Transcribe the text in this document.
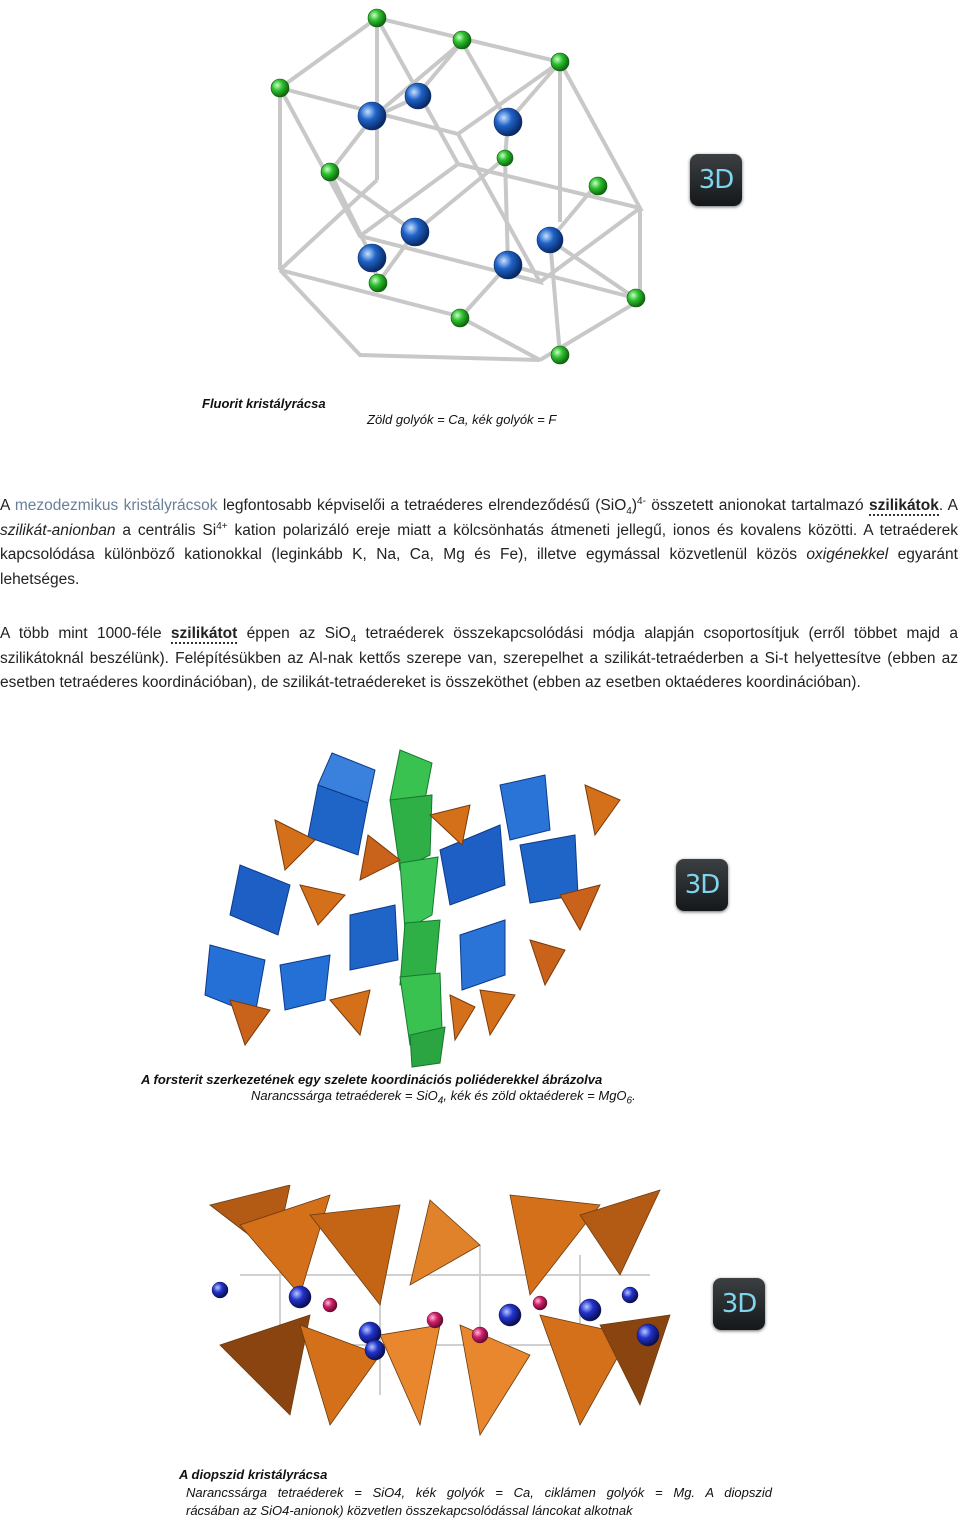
3D
Fluorit kristályrácsa
Zöld golyók = Ca, kék golyók = F
A mezodezmikus kristályrácsok legfontosabb képviselői a tetraéderes elrendeződésű $(SiO_4)^{4-}$ összetett anionokat tartalmazó szilikátok. A szilikát-anionban a centrális $Si^{4+}$ kation polarizáló ereje miatt a kölcsönhatás átmeneti jellegű, ionos és kovalens közötti. A tetraéderek kapcsolódása különböző kationokkal (leginkább K, Na, Ca, Mg és Fe), illetve egymással közvetlenül közös oxigénekkel egyaránt lehetséges.
A több mint 1000-féle szilikátot éppen az SiO$_4$ tetraéderek összekapcsolódási módja alapján csoportosítjuk (erről többet majd a szilikátoknál beszélünk). Felépítésükben az Al-nak kettős szerepe van, szerepelhet a szilikát-tetraéderben a Si-t helyettesítve (ebben az esetben tetraéderes koordinációban), de szilikát-tetraédereket is összeköthet (ebben az esetben oktaéderes koordinációban).
3D
A forsterit szerkezetének egy szelete koordinációs poliéderekkel ábrázolva
Narancssárga tetraéderek = SiO$_4$, kék és zöld oktaéderek = MgO$_6$.
3D
A diopszid kristályrácsa
Narancssárga tetraéderek = SiO4, kék golyók = Ca, ciklámen golyók = Mg. A diopszid
rácsában az SiO4-anionok) közvetlen összekapcsolódással láncokat alkotnak
